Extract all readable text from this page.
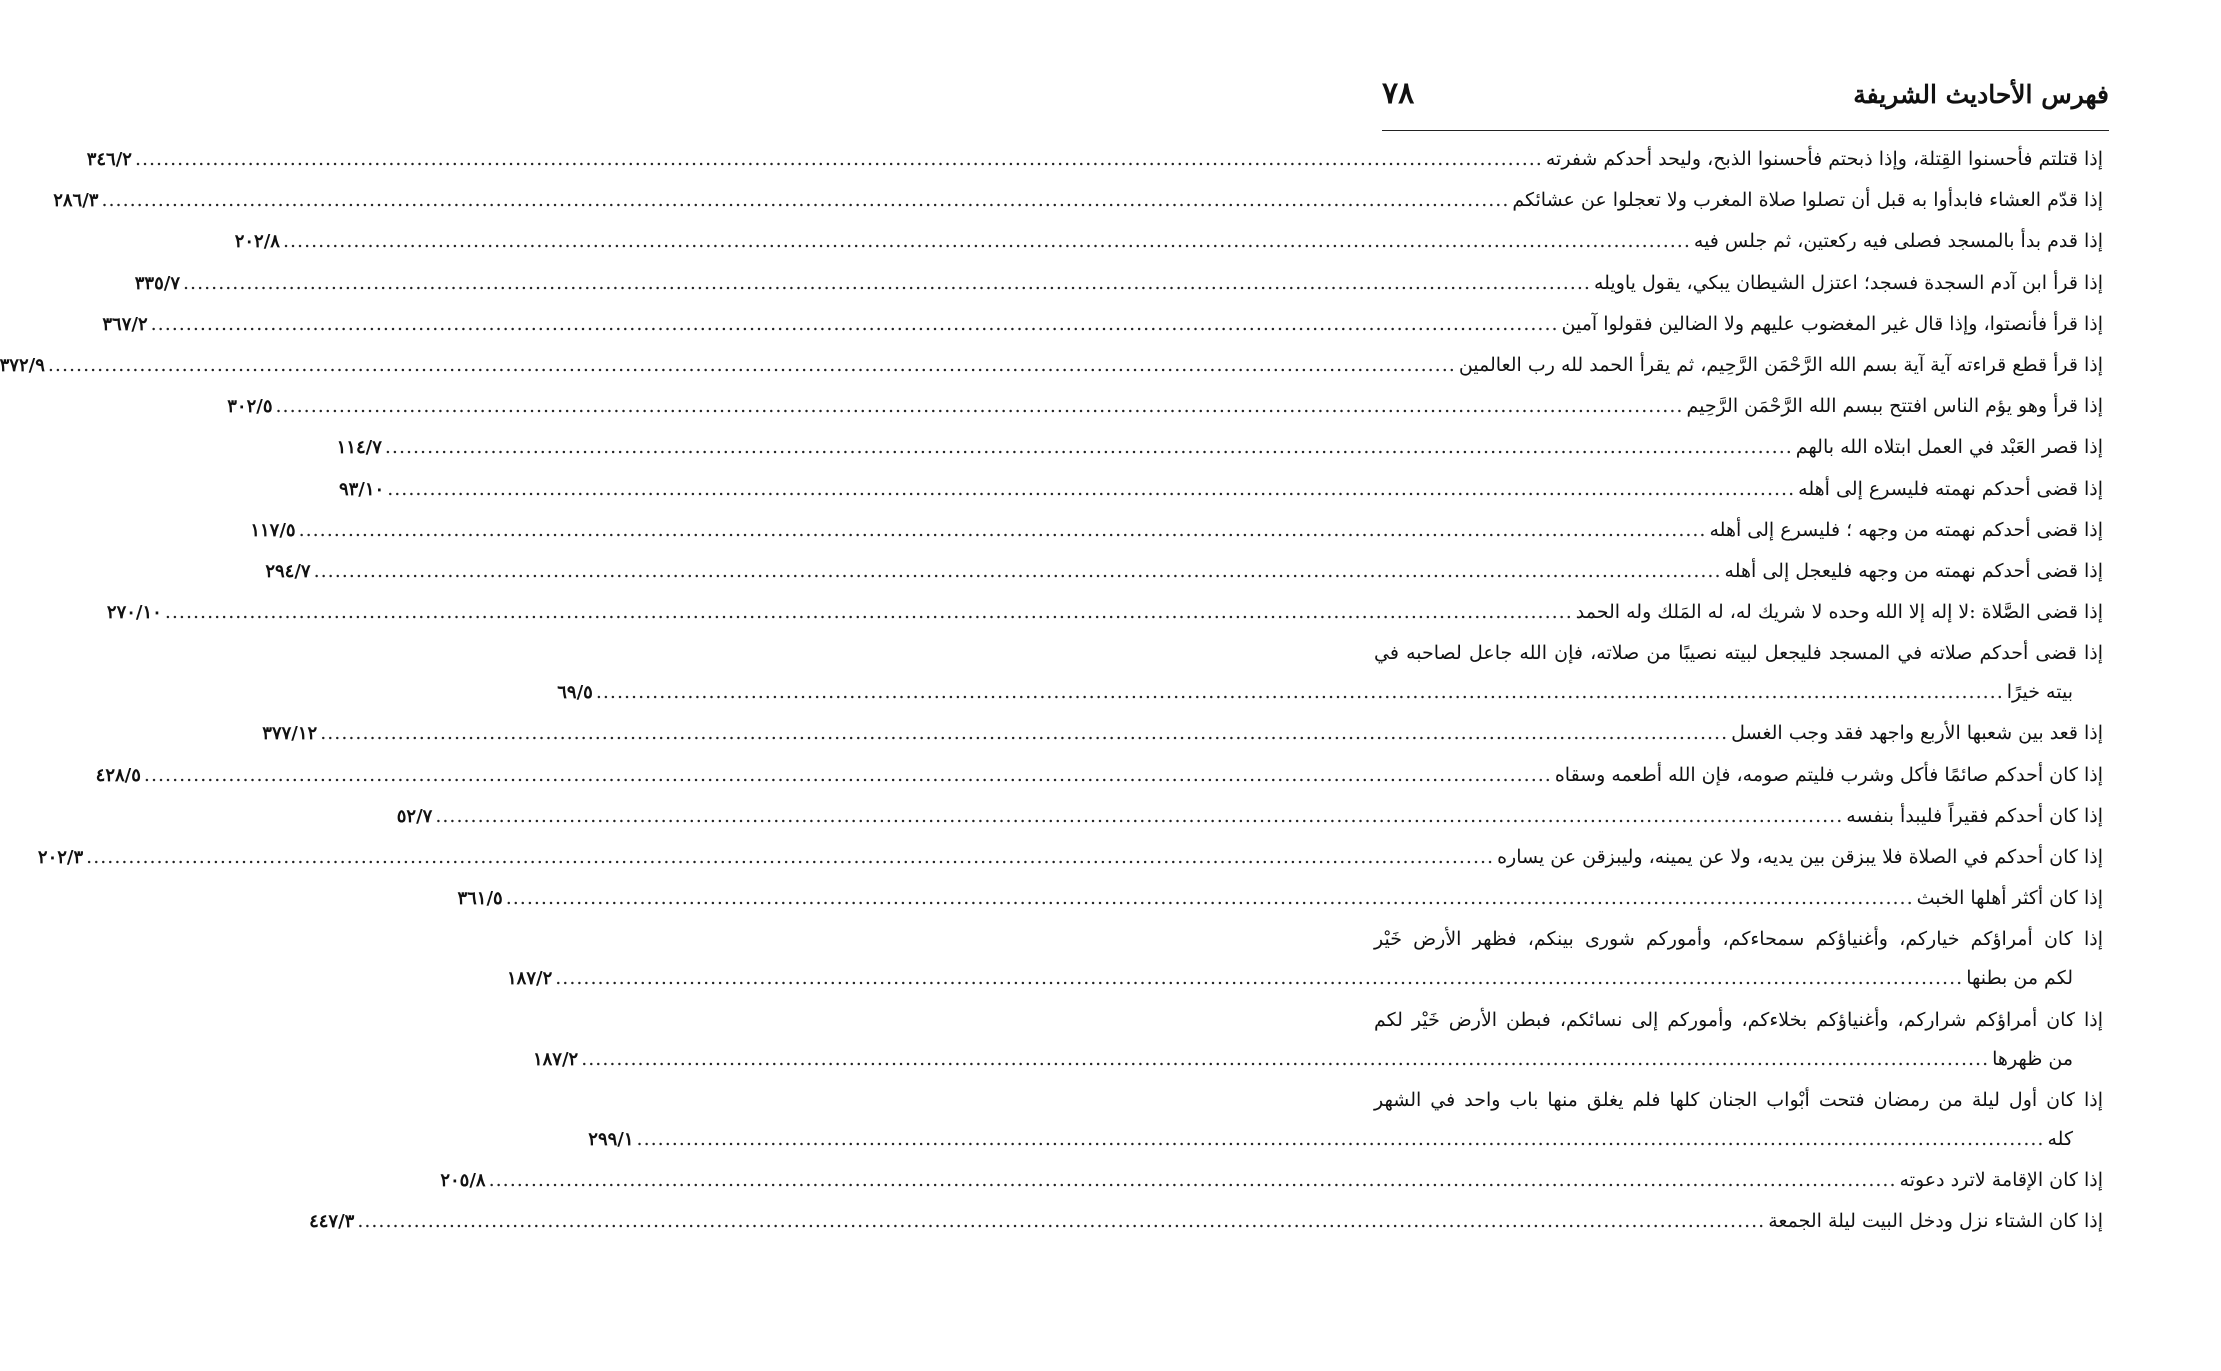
٧٨	فهرس الأحاديث الشريفة
إذا قتلتم فأحسنوا القِتلة، وإذا ذبحتم فأحسنوا الذبح، وليحد أحدكم شفرته
........................................................................................................................................................................................................
٣٤٦/٢
إذا قدّم العشاء فابدأوا به قبل أن تصلوا صلاة المغرب ولا تعجلوا عن عشائكم
........................................................................................................................................................................................................
٢٨٦/٣
إذا قدم بدأ بالمسجد فصلى فيه ركعتين، ثم جلس فيه
........................................................................................................................................................................................................
٢٠٢/٨
إذا قرأ ابن آدم السجدة فسجد؛ اعتزل الشيطان يبكي، يقول ياويله
........................................................................................................................................................................................................
٣٣٥/٧
إذا قرأ فأنصتوا، وإذا قال غير المغضوب عليهم ولا الضالين فقولوا آمين
........................................................................................................................................................................................................
٣٦٧/٢
إذا قرأ قطع قراءته آية آية بسم الله الرَّحْمَن الرَّحِيم، ثم يقرأ الحمد لله رب العالمين
........................................................................................................................................................................................................
٣٧٢/٩
إذا قرأ وهو يؤم الناس افتتح ببسم الله الرَّحْمَن الرَّحِيم
........................................................................................................................................................................................................
٣٠٢/٥
إذا قصر العَبْد في العمل ابتلاه الله بالهم
........................................................................................................................................................................................................
١١٤/٧
إذا قضى أحدكم نهمته فليسرع إلى أهله
........................................................................................................................................................................................................
٩٣/١٠
إذا قضى أحدكم نهمته من وجهه ؛ فليسرع إلى أهله
........................................................................................................................................................................................................
١١٧/٥
إذا قضى أحدكم نهمته من وجهه فليعجل إلى أهله
........................................................................................................................................................................................................
٢٩٤/٧
إذا قضى الصَّلاة :لا إله إلا الله وحده لا شريك له، له المَلك وله الحمد
........................................................................................................................................................................................................
٢٧٠/١٠
إذا قضى أحدكم صلاته في المسجد فليجعل لبيته نصيبًا من صلاته، فإن الله جاعل لصاحبه في
بيته خيرًا
........................................................................................................................................................................................................
٦٩/٥
إذا قعد بين شعبها الأربع واجهد فقد وجب الغسل
........................................................................................................................................................................................................
٣٧٧/١٢
إذا كان أحدكم صائمًا فأكل وشرب فليتم صومه، فإن الله أطعمه وسقاه
........................................................................................................................................................................................................
٤٢٨/٥
إذا كان أحدكم فقيراً فليبدأ بنفسه
........................................................................................................................................................................................................
٥٢/٧
إذا كان أحدكم في الصلاة فلا يبزقن بين يديه، ولا عن يمينه، وليبزقن عن يساره
........................................................................................................................................................................................................
٢٠٢/٣
إذا كان أكثر أهلها الخبث
........................................................................................................................................................................................................
٣٦١/٥
إذا كان أمراؤكم خياركم، وأغنياؤكم سمحاءكم، وأموركم شورى بينكم، فظهر الأرض خَيْر
لكم من بطنها
........................................................................................................................................................................................................
١٨٧/٢
إذا كان أمراؤكم شراركم، وأغنياؤكم بخلاءكم، وأموركم إلى نسائكم، فبطن الأرض خَيْر لكم
من ظهرها
........................................................................................................................................................................................................
١٨٧/٢
إذا كان أول ليلة من رمضان فتحت أبْواب الجنان كلها فلم يغلق منها باب واحد في الشهر
كله
........................................................................................................................................................................................................
٢٩٩/١
إذا كان الإقامة لاترد دعوته
........................................................................................................................................................................................................
٢٠٥/٨
إذا كان الشتاء نزل ودخل البيت ليلة الجمعة
........................................................................................................................................................................................................
٤٤٧/٣
